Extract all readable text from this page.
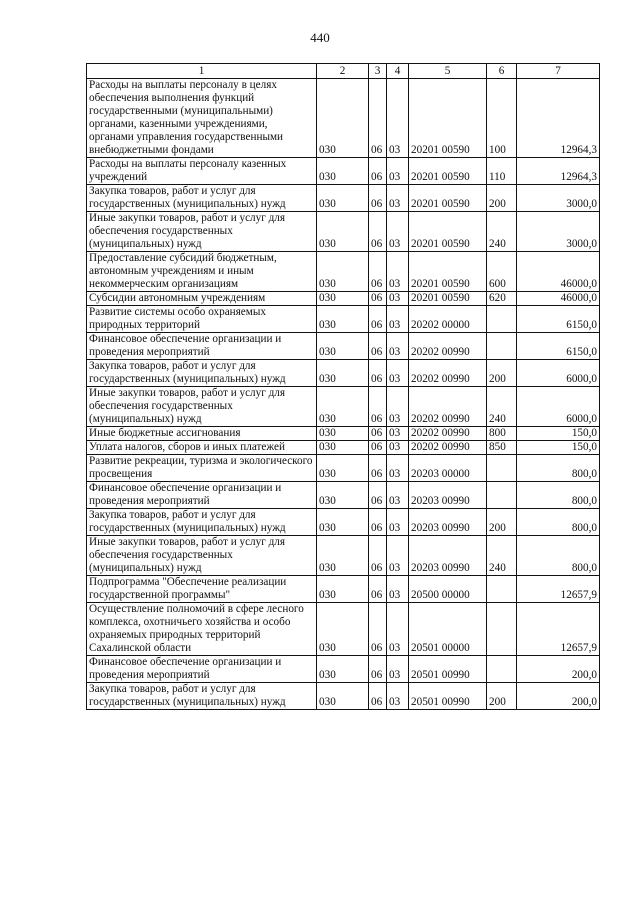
440
1	2	3	4	5	6	7
Расходы на выплаты персоналу в целях обеспечения выполнения функций государственными (муниципальными) органами, казенными учреждениями, органами управления государственными внебюджетными фондами	030	06	03	20201 00590	100	12964,3
Расходы на выплаты персоналу казенных учреждений	030	06	03	20201 00590	110	12964,3
Закупка товаров, работ и услуг для государственных (муниципальных) нужд	030	06	03	20201 00590	200	3000,0
Иные закупки товаров, работ и услуг для обеспечения государственных (муниципальных) нужд	030	06	03	20201 00590	240	3000,0
Предоставление субсидий бюджетным, автономным учреждениям и иным некоммерческим организациям	030	06	03	20201 00590	600	46000,0
Субсидии автономным учреждениям	030	06	03	20201 00590	620	46000,0
Развитие системы особо охраняемых природных территорий	030	06	03	20202 00000		6150,0
Финансовое обеспечение организации и проведения мероприятий	030	06	03	20202 00990		6150,0
Закупка товаров, работ и услуг для государственных (муниципальных) нужд	030	06	03	20202 00990	200	6000,0
Иные закупки товаров, работ и услуг для обеспечения государственных (муниципальных) нужд	030	06	03	20202 00990	240	6000,0
Иные бюджетные ассигнования	030	06	03	20202 00990	800	150,0
Уплата налогов, сборов и иных платежей	030	06	03	20202 00990	850	150,0
Развитие рекреации, туризма и экологического просвещения	030	06	03	20203 00000		800,0
Финансовое обеспечение организации и проведения мероприятий	030	06	03	20203 00990		800,0
Закупка товаров, работ и услуг для государственных (муниципальных) нужд	030	06	03	20203 00990	200	800,0
Иные закупки товаров, работ и услуг для обеспечения государственных (муниципальных) нужд	030	06	03	20203 00990	240	800,0
Подпрограмма "Обеспечение реализации государственной программы"	030	06	03	20500 00000		12657,9
Осуществление полномочий в сфере лесного комплекса, охотничьего хозяйства и особо охраняемых природных территорий Сахалинской области	030	06	03	20501 00000		12657,9
Финансовое обеспечение организации и проведения мероприятий	030	06	03	20501 00990		200,0
Закупка товаров, работ и услуг для государственных (муниципальных) нужд	030	06	03	20501 00990	200	200,0
